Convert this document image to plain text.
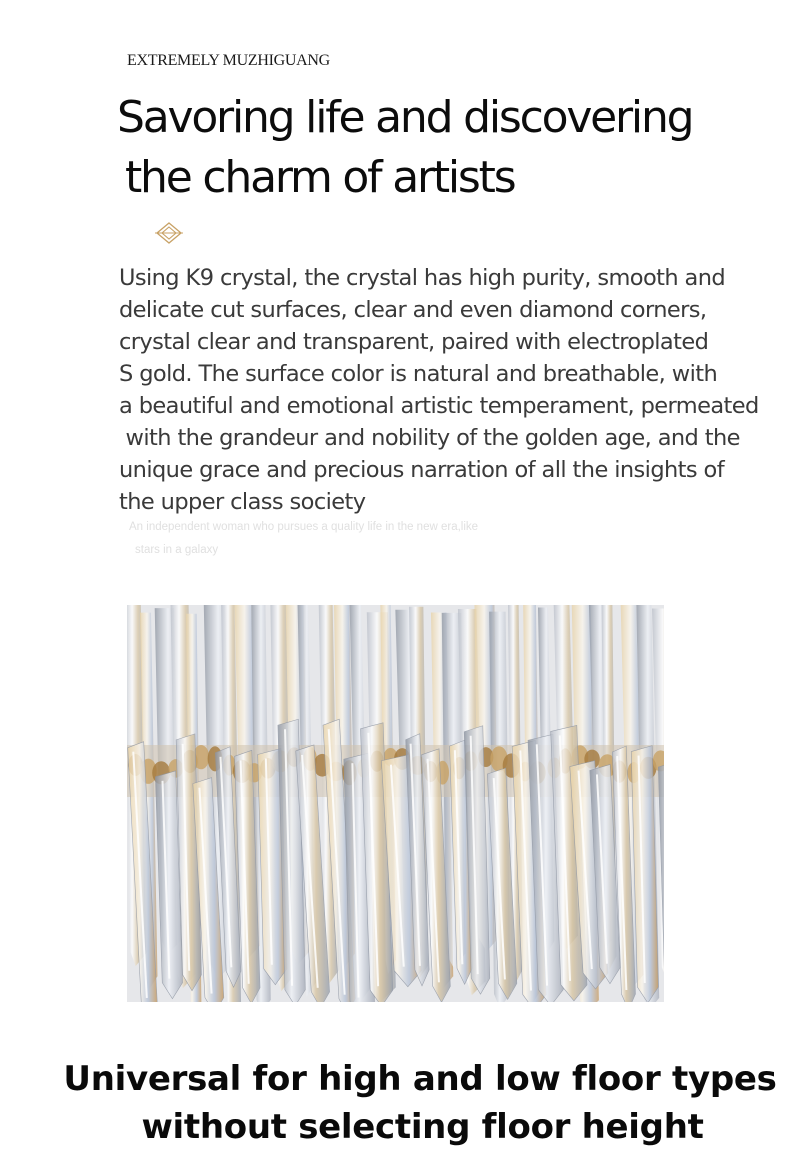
EXTREMELY MUZHIGUANG
Savoring life and discovering
the charm of artists

Using K9 crystal, the crystal has high purity, smooth and
delicate cut surfaces, clear and even diamond corners,
crystal clear and transparent, paired with electroplated
S gold. The surface color is natural and breathable, with
a beautiful and emotional artistic temperament, permeated
with the grandeur and nobility of the golden age, and the
unique grace and precious narration of all the insights of
the upper class society

An independent woman who pursues a quality life in the new era,like
stars in a galaxy
Universal for high and low floor types
without selecting floor height
